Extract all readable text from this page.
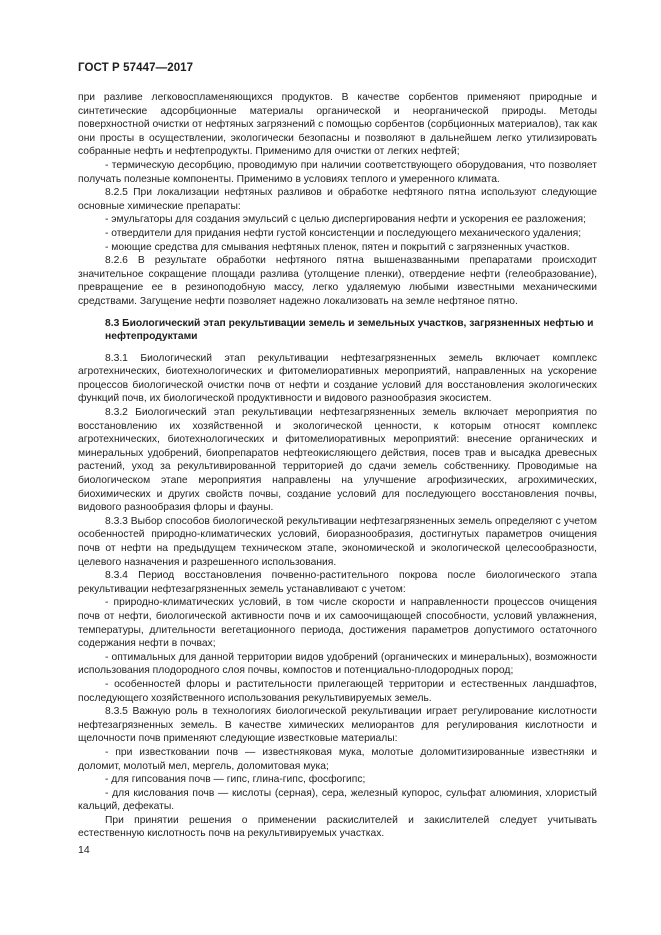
ГОСТ Р 57447—2017

при разливе легковоспламеняющихся продуктов. В качестве сорбентов применяют природные и синтетические адсорбционные материалы органической и неорганической природы. Методы поверхностной очистки от нефтяных загрязнений с помощью сорбентов (сорбционных материалов), так как они просты в осуществлении, экологически безопасны и позволяют в дальнейшем легко утилизировать собранные нефть и нефтепродукты. Применимо для очистки от легких нефтей;

- термическую десорбцию, проводимую при наличии соответствующего оборудования, что позволяет получать полезные компоненты. Применимо в условиях теплого и умеренного климата.

8.2.5 При локализации нефтяных разливов и обработке нефтяного пятна используют следующие основные химические препараты:

- эмульгаторы для создания эмульсий с целью диспергирования нефти и ускорения ее разложения;

- отвердители для придания нефти густой консистенции и последующего механического удаления;

- моющие средства для смывания нефтяных пленок, пятен и покрытий с загрязненных участков.

8.2.6 В результате обработки нефтяного пятна вышеназванными препаратами происходит значительное сокращение площади разлива (утолщение пленки), отвердение нефти (гелеобразование), превращение ее в резиноподобную массу, легко удаляемую любыми известными механическими средствами. Загущение нефти позволяет надежно локализовать на земле нефтяное пятно.

8.3 Биологический этап рекультивации земель и земельных участков, загрязненных нефтью и нефтепродуктами

8.3.1 Биологический этап рекультивации нефтезагрязненных земель включает комплекс агротехнических, биотехнологических и фитомелиоративных мероприятий, направленных на ускорение процессов биологической очистки почв от нефти и создание условий для восстановления экологических функций почв, их биологической продуктивности и видового разнообразия экосистем.

8.3.2 Биологический этап рекультивации нефтезагрязненных земель включает мероприятия по восстановлению их хозяйственной и экологической ценности, к которым относят комплекс агротехнических, биотехнологических и фитомелиоративных мероприятий: внесение органических и минеральных удобрений, биопрепаратов нефтеокисляющего действия, посев трав и высадка древесных растений, уход за рекультивированной территорией до сдачи земель собственнику. Проводимые на биологическом этапе мероприятия направлены на улучшение агрофизических, агрохимических, биохимических и других свойств почвы, создание условий для последующего восстановления почвы, видового разнообразия флоры и фауны.

8.3.3 Выбор способов биологической рекультивации нефтезагрязненных земель определяют с учетом особенностей природно-климатических условий, биоразнообразия, достигнутых параметров очищения почв от нефти на предыдущем техническом этапе, экономической и экологической целесообразности, целевого назначения и разрешенного использования.

8.3.4 Период восстановления почвенно-растительного покрова после биологического этапа рекультивации нефтезагрязненных земель устанавливают с учетом:

- природно-климатических условий, в том числе скорости и направленности процессов очищения почв от нефти, биологической активности почв и их самоочищающей способности, условий увлажнения, температуры, длительности вегетационного периода, достижения параметров допустимого остаточного содержания нефти в почвах;

- оптимальных для данной территории видов удобрений (органических и минеральных), возможности использования плодородного слоя почвы, компостов и потенциально-плодородных пород;

- особенностей флоры и растительности прилегающей территории и естественных ландшафтов, последующего хозяйственного использования рекультивируемых земель.

8.3.5 Важную роль в технологиях биологической рекультивации играет регулирование кислотности нефтезагрязненных земель. В качестве химических мелиорантов для регулирования кислотности и щелочности почв применяют следующие известковые материалы:

- при известковании почв — известняковая мука, молотые доломитизированные известняки и доломит, молотый мел, мергель, доломитовая мука;

- для гипсования почв — гипс, глина-гипс, фосфогипс;

- для кислования почв — кислоты (серная), сера, железный купорос, сульфат алюминия, хлористый кальций, дефекаты.

При принятии решения о применении раскислителей и закислителей следует учитывать естественную кислотность почв на рекультивируемых участках.

14
